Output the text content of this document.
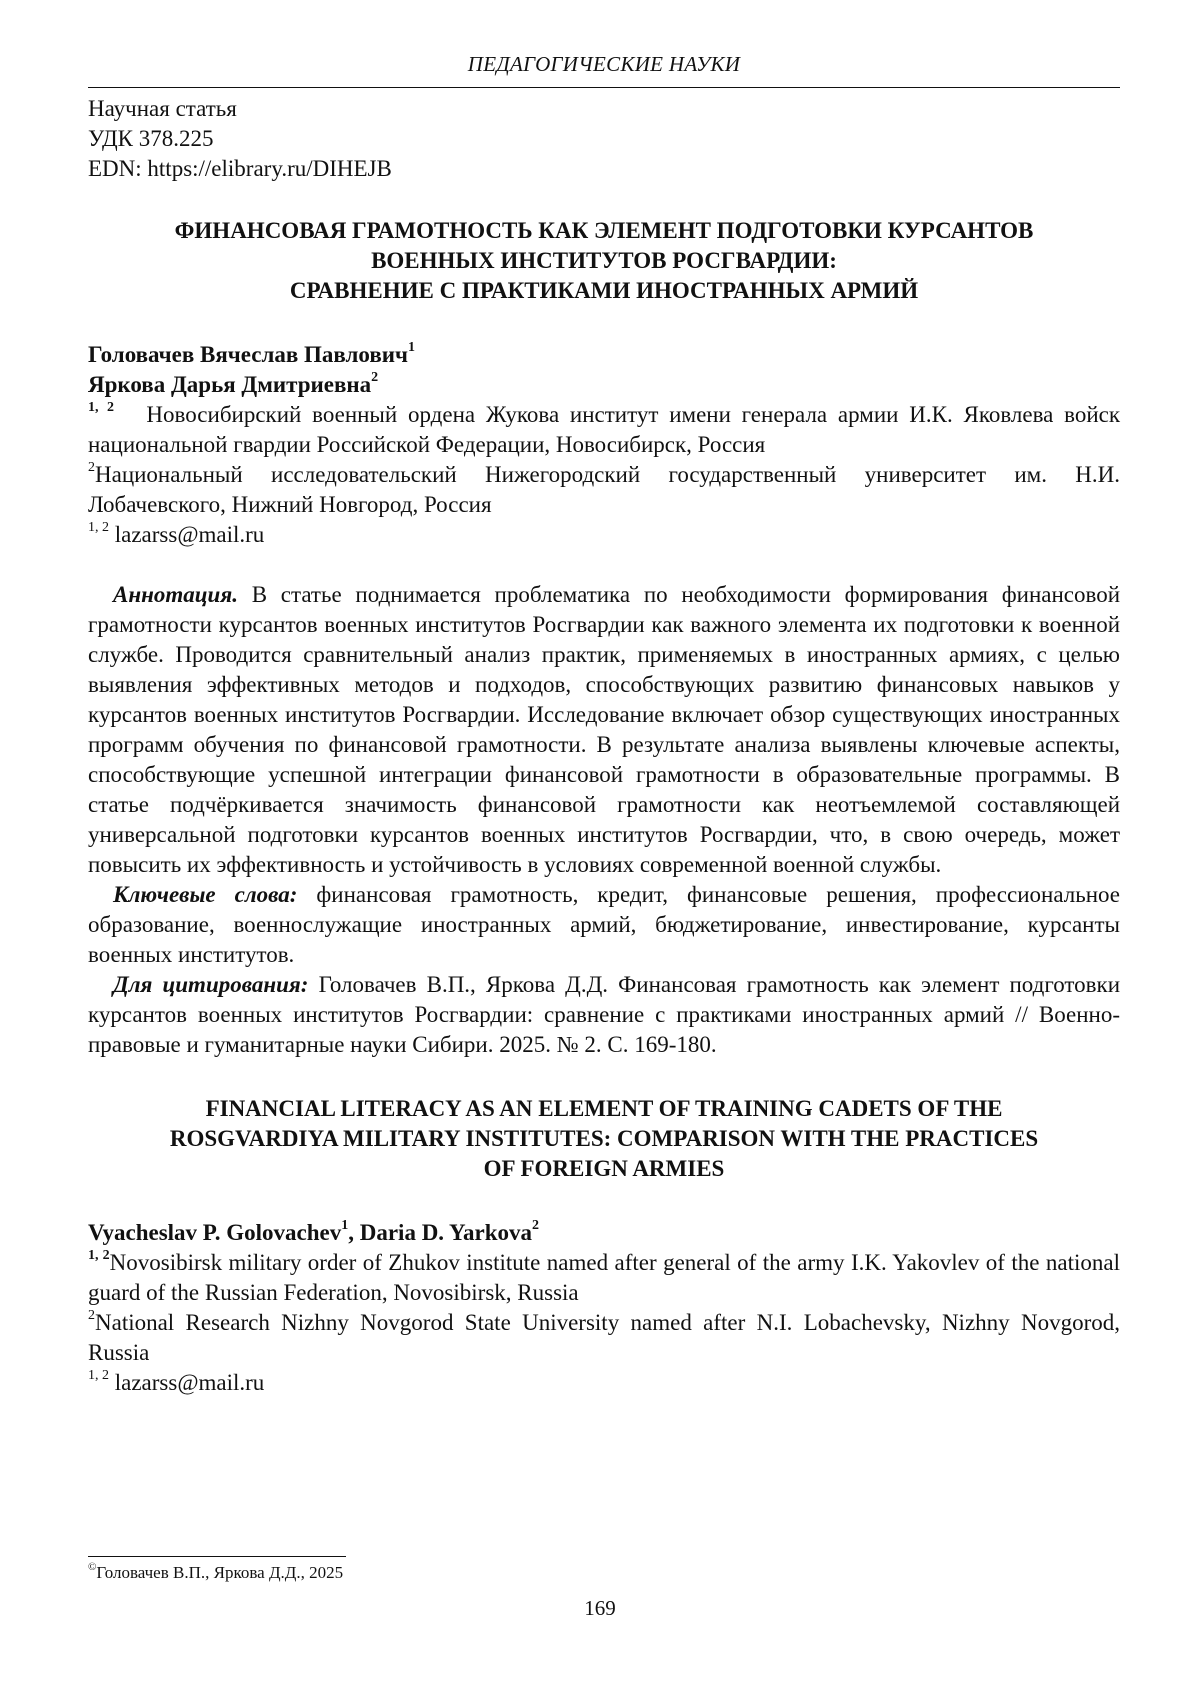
ПЕДАГОГИЧЕСКИЕ НАУКИ
Научная статья
УДК 378.225
EDN: https://elibrary.ru/DIHEJB
ФИНАНСОВАЯ ГРАМОТНОСТЬ КАК ЭЛЕМЕНТ ПОДГОТОВКИ КУРСАНТОВ
ВОЕННЫХ ИНСТИТУТОВ РОСГВАРДИИ:
СРАВНЕНИЕ С ПРАКТИКАМИ ИНОСТРАННЫХ АРМИЙ
Головачев Вячеслав Павлович$^1$
Яркова Дарья Дмитриевна$^2$
$^{1, 2}$ Новосибирский военный ордена Жукова институт имени генерала армии И.К. Яковлева войск национальной гвардии Российской Федерации, Новосибирск, Россия
$^2$Национальный исследовательский Нижегородский государственный университет им. Н.И. Лобачевского, Нижний Новгород, Россия
$^{1, 2}$ lazarss@mail.ru

Аннотация. В статье поднимается проблематика по необходимости формирования финансовой грамотности курсантов военных институтов Росгвардии как важного элемента их подготовки к военной службе. Проводится сравнительный анализ практик, применяемых в иностранных армиях, с целью выявления эффективных методов и подходов, способствующих развитию финансовых навыков у курсантов военных институтов Росгвардии. Исследование включает обзор существующих иностранных программ обучения по финансовой грамотности. В результате анализа выявлены ключевые аспекты, способствующие успешной интеграции финансовой грамотности в образовательные программы. В статье подчёркивается значимость финансовой грамотности как неотъемлемой составляющей универсальной подготовки курсантов военных институтов Росгвардии, что, в свою очередь, может повысить их эффективность и устойчивость в условиях современной военной службы.

Ключевые слова: финансовая грамотность, кредит, финансовые решения, профессиональное образование, военнослужащие иностранных армий, бюджетирование, инвестирование, курсанты военных институтов.

Для цитирования: Головачев В.П., Яркова Д.Д. Финансовая грамотность как элемент подготовки курсантов военных институтов Росгвардии: сравнение с практиками иностранных армий // Военно-правовые и гуманитарные науки Сибири. 2025. № 2. С. 169-180.

FINANCIAL LITERACY AS AN ELEMENT OF TRAINING CADETS OF THE
ROSGVARDIYA MILITARY INSTITUTES: COMPARISON WITH THE PRACTICES
OF FOREIGN ARMIES
Vyacheslav P. Golovachev$^1$, Daria D. Yarkova$^2$
$^{1, 2}$Novosibirsk military order of Zhukov institute named after general of the army I.K. Yakovlev of the national guard of the Russian Federation, Novosibirsk, Russia
$^2$National Research Nizhny Novgorod State University named after N.I. Lobachevsky, Nizhny Novgorod, Russia
$^{1, 2}$ lazarss@mail.ru
©Головачев В.П., Яркова Д.Д., 2025
169
